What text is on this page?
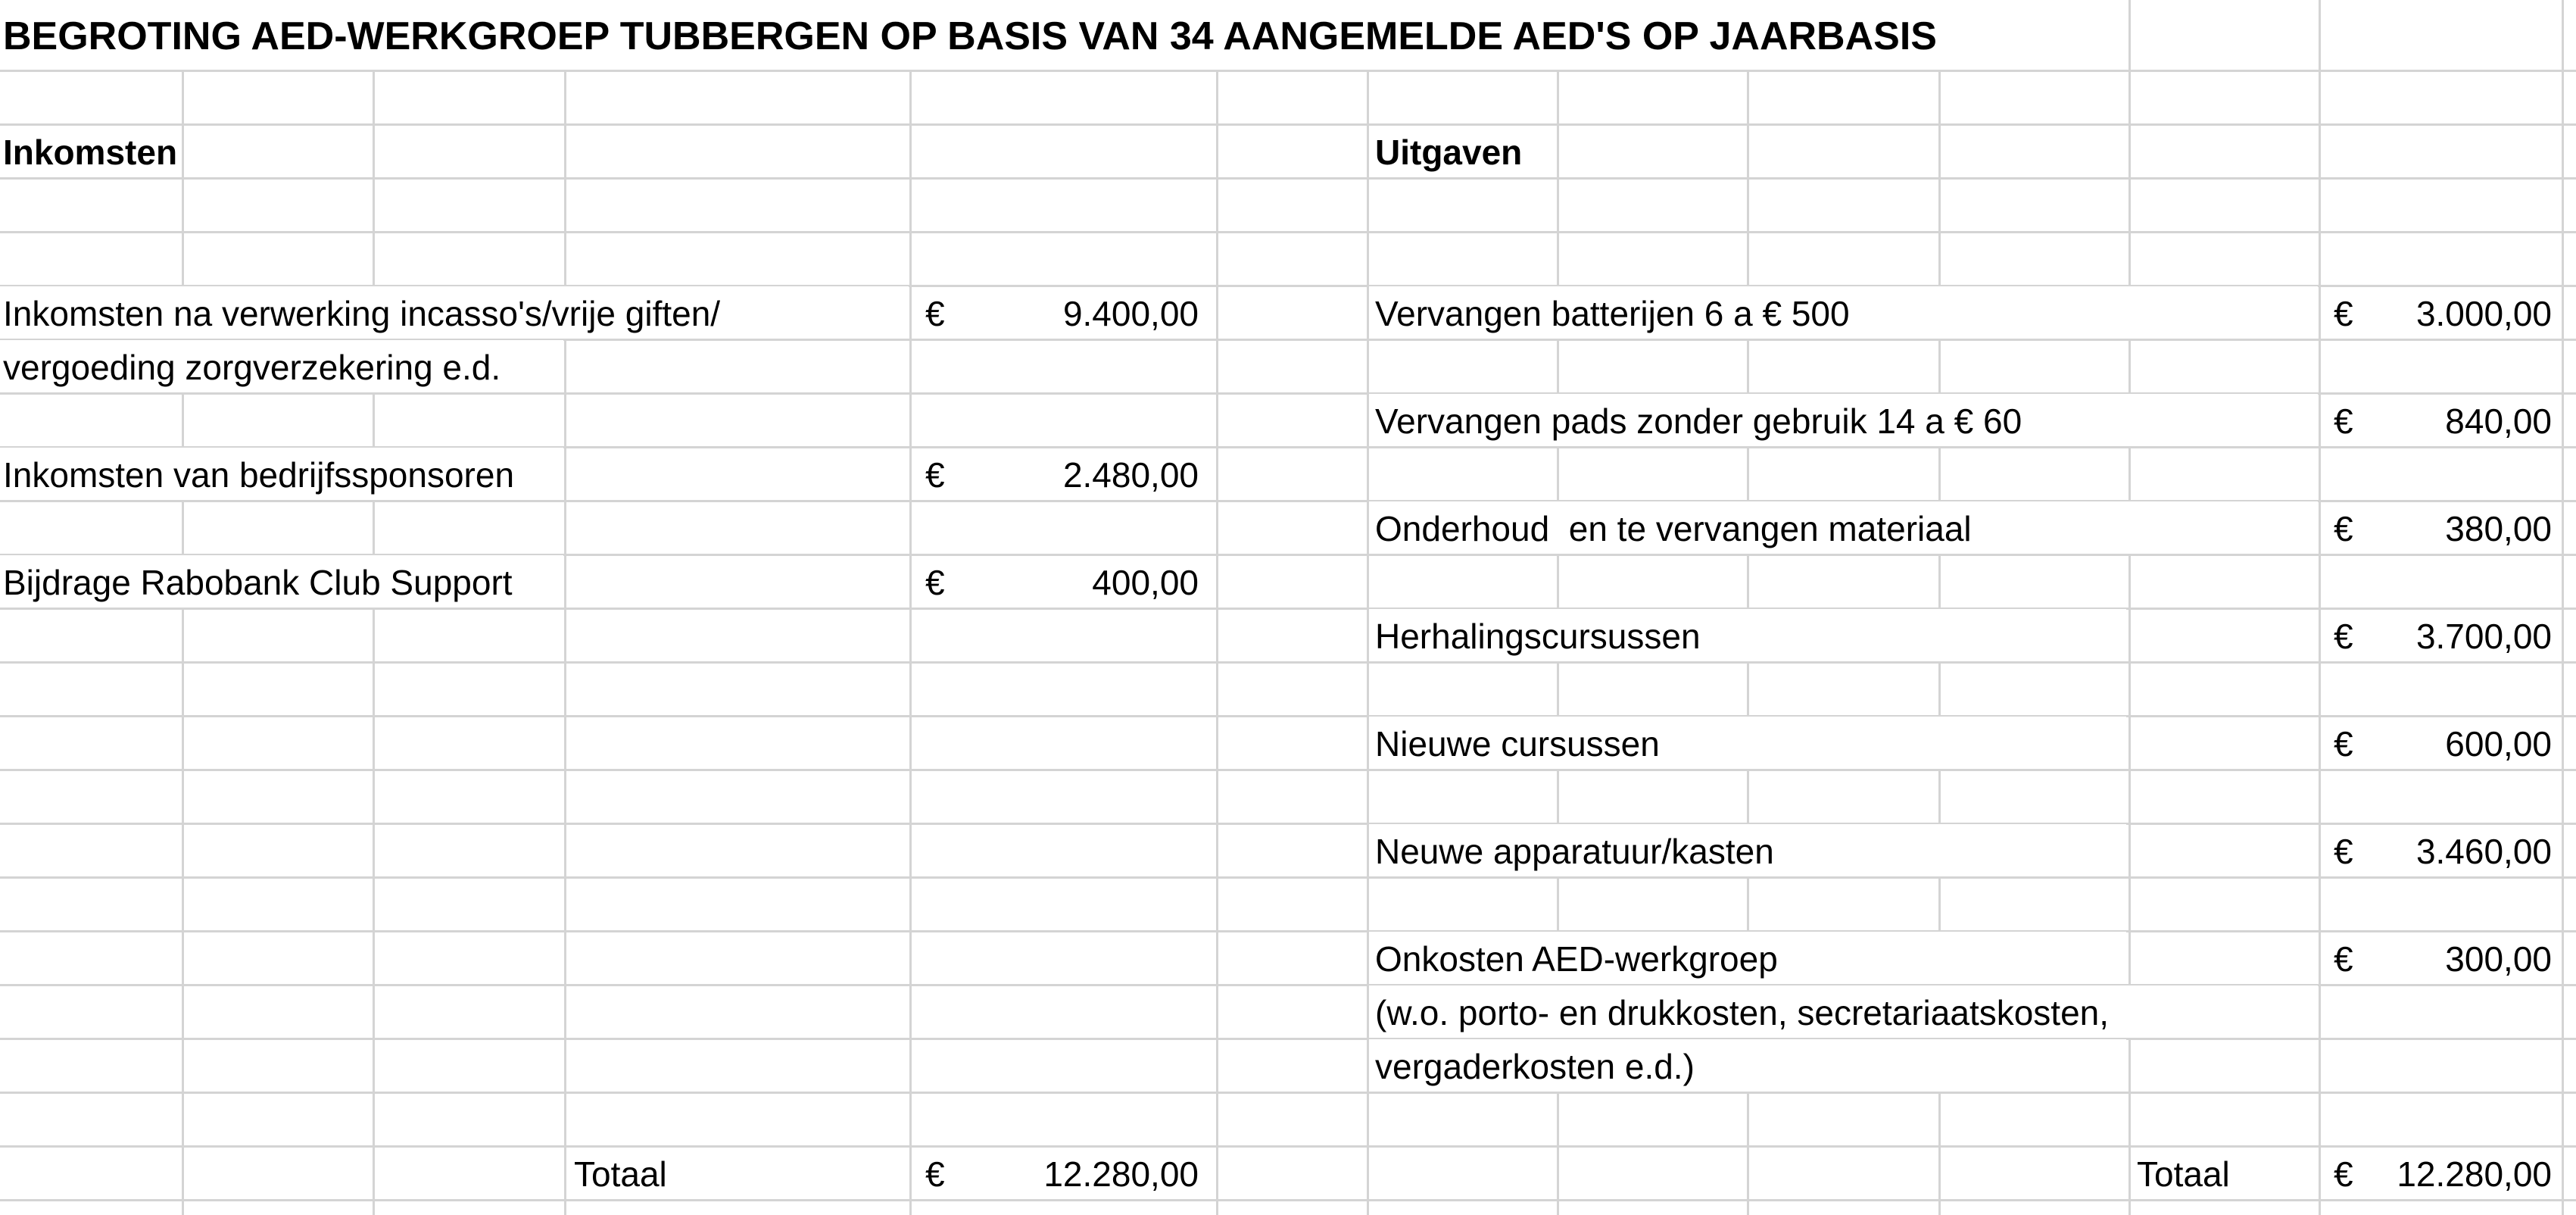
BEGROTING AED-WERKGROEP TUBBERGEN OP BASIS VAN 34 AANGEMELDE AED'S OP JAARBASIS
Inkomsten
Inkomsten na verwerking incasso's/vrije giften/	€	9.400,00
vergoeding zorgverzekering e.d.
Inkomsten van bedrijfssponsoren	€	2.480,00
Bijdrage Rabobank Club Support	€	400,00
Totaal	€	12.280,00
Uitgaven
Vervangen batterijen 6 a € 500	€	3.000,00
Vervangen pads zonder gebruik 14 a € 60	€	840,00
Onderhoud  en te vervangen materiaal	€	380,00
Herhalingscursussen	€	3.700,00
Nieuwe cursussen	€	600,00
Neuwe apparatuur/kasten	€	3.460,00
Onkosten AED-werkgroep	€	300,00
(w.o. porto- en drukkosten, secretariaatskosten,
vergaderkosten e.d.)
Totaal	€	12.280,00
